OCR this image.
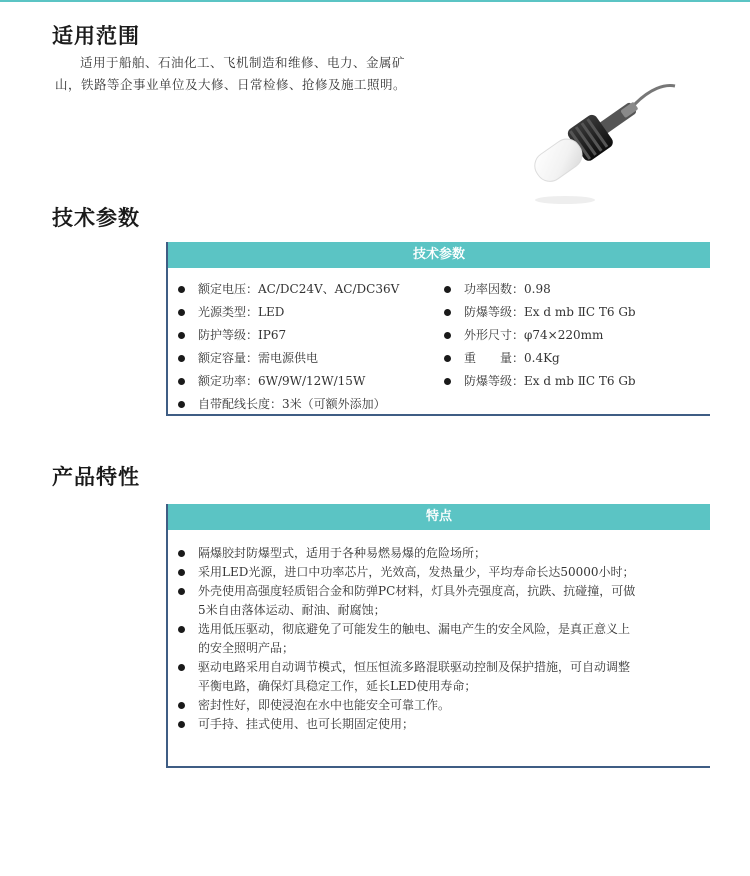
适用范围

适用于船舶、石油化工、飞机制造和维修、电力、金属矿山，铁路等企事业单位及大修、日常检修、抢修及施工照明。

技术参数
技术参数
额定电压：AC/DC24V、AC/DC36V
光源类型：LED
防护等级：IP67
额定容量：需电源供电
额定功率：6W/9W/12W/15W
自带配线长度：3米（可额外添加）
功率因数：0.98
防爆等级：Ex d mb ⅡC T6 Gb
外形尺寸：φ74×220mm
重　　量：0.4Kg
防爆等级：Ex d mb ⅡC T6 Gb
产品特性
特点
隔爆胶封防爆型式，适用于各种易燃易爆的危险场所；
采用LED光源，进口中功率芯片，光效高，发热量少，平均寿命长达50000小时；
外壳使用高强度轻质铝合金和防弹PC材料，灯具外壳强度高，抗跌、抗碰撞，可做5米自由落体运动、耐油、耐腐蚀；
选用低压驱动，彻底避免了可能发生的触电、漏电产生的安全风险，是真正意义上的安全照明产品；
驱动电路采用自动调节模式，恒压恒流多路混联驱动控制及保护措施，可自动调整平衡电路，确保灯具稳定工作，延长LED使用寿命；
密封性好，即使浸泡在水中也能安全可靠工作。
可手持、挂式使用、也可长期固定使用；
